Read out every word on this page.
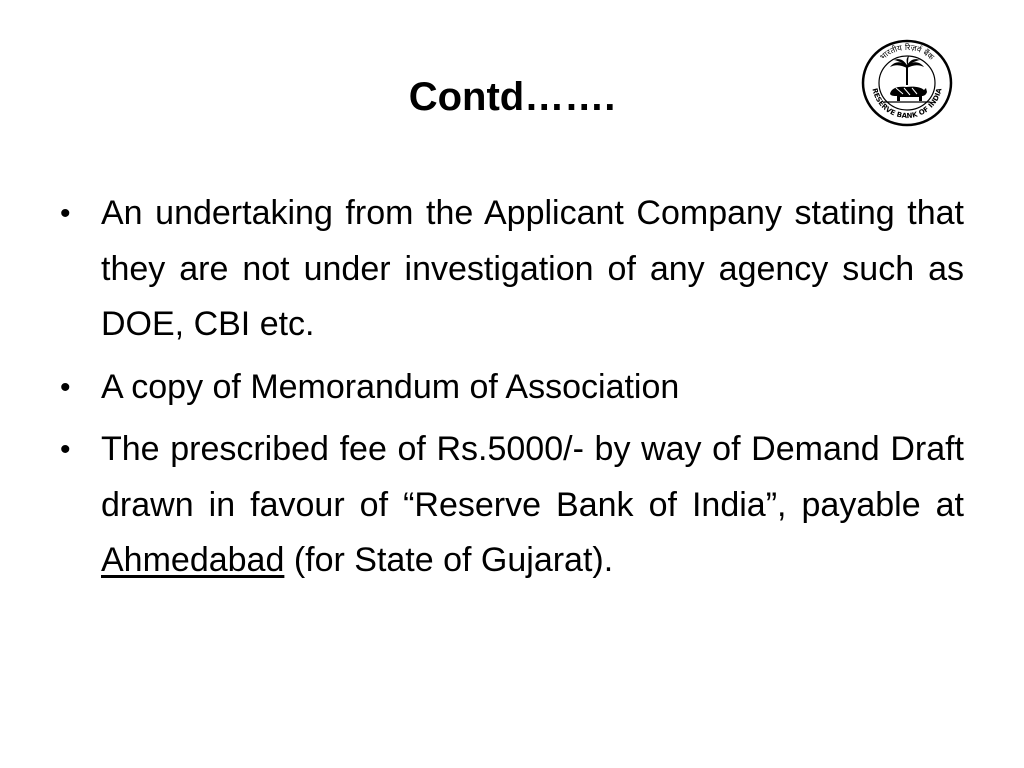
Contd…….
भारतीय रिज़र्व बैंक
RESERVE BANK OF INDIA
• An undertaking from the Applicant Company stating that they are not under investigation of any agency such as DOE, CBI etc.
• A copy of Memorandum of Association
• The prescribed fee of Rs.5000/- by way of Demand Draft drawn in favour of “Reserve Bank of India”, payable at Ahmedabad (for State of Gujarat).
